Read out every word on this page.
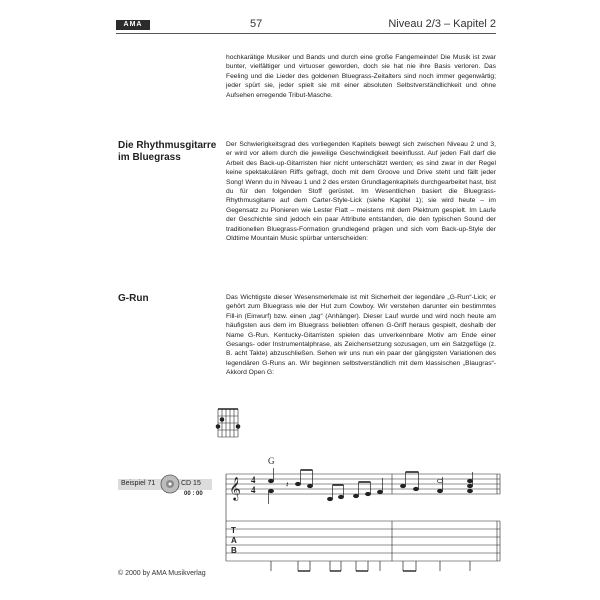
AMA	57	Niveau 2/3 – Kapitel 2
hochkarätige Musiker und Bands und durch eine große Fangemeinde! Die Musik ist zwar bunter, vielfältiger und virtuoser geworden, doch sie hat nie ihre Basis verloren. Das Feeling und die Lieder des goldenen Bluegrass-Zeitalters sind noch immer gegenwärtig; jeder spürt sie, jeder spielt sie mit einer absoluten Selbstverständlichkeit und ohne Aufsehen erregende Tribut-Masche.
Die Rhythmusgitarre
im Bluegrass
Der Schwierigkeitsgrad des vorliegenden Kapitels bewegt sich zwischen Niveau 2 und 3, er wird vor allem durch die jeweilige Geschwindigkeit beeinflusst. Auf jeden Fall darf die Arbeit des Back-up-Gitarristen hier nicht unterschätzt werden; es sind zwar in der Regel keine spektakulären Riffs gefragt, doch mit dem Groove und Drive steht und fällt jeder Song! Wenn du in Niveau 1 und 2 des ersten Grundlagenkapitels durchgearbeitet hast, bist du für den folgenden Stoff gerüstet. Im Wesentlichen basiert die Bluegrass-Rhythmusgitarre auf dem Carter-Style-Lick (siehe Kapitel 1); sie wird heute – im Gegensatz zu Pionieren wie Lester Flatt – meistens mit dem Plektrum gespielt. Im Laufe der Geschichte sind jedoch ein paar Attribute entstanden, die den typischen Sound der traditionellen Bluegrass-Formation grundlegend prägen und sich vom Back-up-Style der Oldtime Mountain Music spürbar unterscheiden:
G-Run	Das Wichtigste dieser Wesensmerkmale ist mit Sicherheit der legendäre „G-Run“-Lick; er gehört zum Bluegrass wie der Hut zum Cowboy. Wir verstehen darunter ein bestimmtes Fill-in (Einwurf) bzw. einen „tag“ (Anhänger). Dieser Lauf wurde und wird noch heute am häufigsten aus dem im Bluegrass beliebten offenen G-Griff heraus gespielt, deshalb der Name G-Run. Kentucky-Gitarristen spielen das unverkennbare Motiv am Ende einer Gesangs- oder Instrumentalphrase, als Zeichensetzung sozusagen, um ein Satzgefüge (z. B. acht Takte) abzuschließen. Sehen wir uns nun ein paar der gängigsten Variationen des legendären G-Runs an. Wir beginnen selbstverständlich mit dem klassischen „Blaugras“-Akkord Open G:
Beispiel 71	CD 15
00 : 00
G
𝄞 4
4
𝄽
T
A
B
© 2000 by AMA Musikverlag
